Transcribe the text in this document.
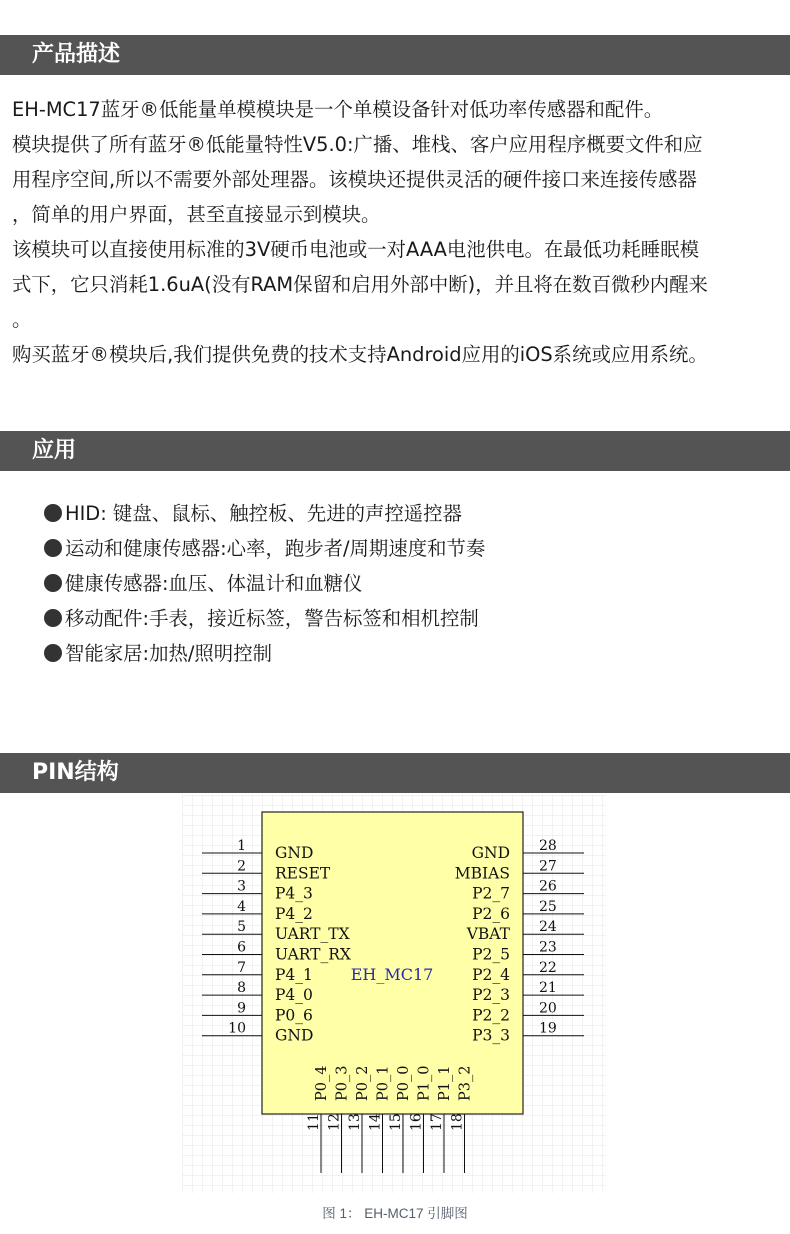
产品描述

EH-MC17蓝牙®低能量单模模块是一个单模设备针对低功率传感器和配件。

模块提供了所有蓝牙®低能量特性V5.0:广播、堆栈、客户应用程序概要文件和应

用程序空间,所以不需要外部处理器。该模块还提供灵活的硬件接口来连接传感器

，简单的用户界面，甚至直接显示到模块。

该模块可以直接使用标准的3V硬币电池或一对AAA电池供电。在最低功耗睡眠模

式下，它只消耗1.6uA(没有RAM保留和启用外部中断)，并且将在数百微秒内醒来

。

购买蓝牙®模块后,我们提供免费的技术支持Android应用的iOS系统或应用系统。

应用
HID: 键盘、鼠标、触控板、先进的声控遥控器
运动和健康传感器:心率，跑步者/周期速度和节奏
健康传感器:血压、体温计和血糖仪
移动配件:手表，接近标签，警告标签和相机控制
智能家居:加热/照明控制
PIN结构
EH_MC17
1 GND
2 RESET
3 P4_3
4 P4_2
5 UART_TX
6 UART_RX
7 P4_1
8 P4_0
9 P0_6
10 GND
28
GND
27
MBIAS
26
P2_7
25
P2_6
24
VBAT
23
P2_5
22
P2_4
21
P2_3
20
P2_2
19
P3_3
11
P0_4
12
P0_3
13
P0_2
14
P0_1
15
P0_0
16
P1_0
17
P1_1
18
P3_2
图 1： EH-MC17 引脚图
